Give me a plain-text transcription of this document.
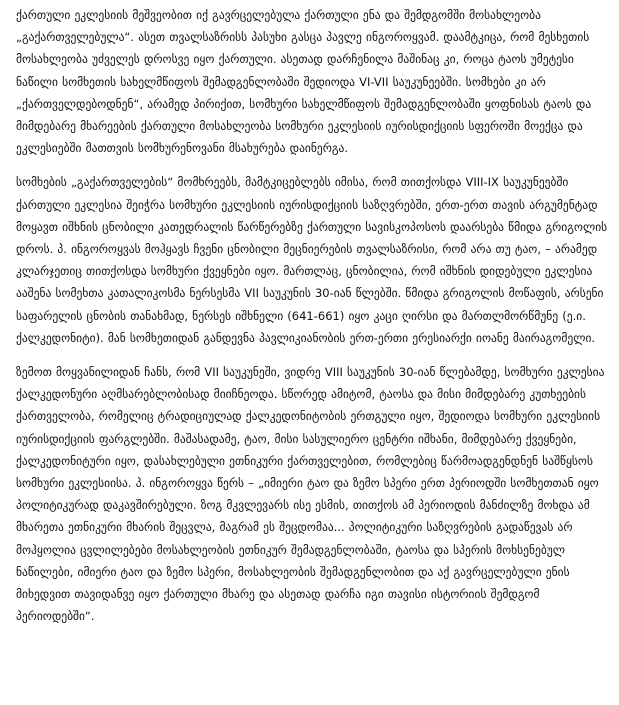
ქართული ეკლესიის მეშვეობით იქ გავრცელებულა ქართული ენა და შემდგომში მოსახლეობა „გაქართველებულა“. ასეთ თვალსაზრისს პასუხი გასცა პავლე ინგოროყვამ. დაამტკიცა, რომ მესხეთის მოსახლეობა უძველეს დროსვე იყო ქართული. ასეთად დარჩენილა მაშინაც კი, როცა ტაოს უმეტესი ნაწილი სომხეთის სახელმწიფოს შემადგენლობაში შედიოდა VI-VII საუკუნეებში. სომხები კი არ „ქართველდებოდნენ“, არამედ პირიქით, სომხური სახელმწიფოს შემადგენლობაში ყოფნისას ტაოს და მიმდებარე მხარეების ქართული მოსახლეობა სომხური ეკლესიის იურისდიქციის სფეროში მოექცა და ეკლესიებში მათთვის სომხურენოვანი მსახურება დაინერგა.

სომხების „გაქართველების“ მომხრეებს, მამტკიცებლებს იმისა, რომ თითქოსდა VIII-IX საუკუნეებში ქართული ეკლესია შეიჭრა სომხური ეკლესიის იურისდიქციის საზღვრებში, ერთ-ერთ თავის არგუმენტად მოყავთ იშხნის ცნობილი კათედრალის წარწერებზე ქართული სავისკოპოსოს დაარსება წმიდა გრიგოლის დროს. პ. ინგოროყვას მოჰყავს ჩვენი ცნობილი მეცნიერების თვალსაზრისი, რომ არა თუ ტაო, – არამედ კლარჯეთიც თითქოსდა სომხური ქვეყნები იყო. მართლაც, ცნობილია, რომ იშხნის დიდებული ეკლესია ააშენა სომეხთა კათალიკოსმა ნერსესმა VII საუკუნის 30-იან წლებში. წმიდა გრიგოლის მოწაფის, არსენი საფარელის ცნობის თანახმად, ნერსეს იშხნელი (641-661) იყო კაცი ღირსი და მართლმორწმუნე (ე.ი. ქალკედონიტი). მან სომხეთიდან განდევნა პავლიკიანობის ერთ-ერთი ერესიარქი იოანე მაირაგომელი.

ზემოთ მოყვანილიდან ჩანს, რომ VII საუკუნეში, ვიდრე VIII საუკუნის 30-იან წლებამდე, სომხური ეკლესია ქალკედონური აღმსარებლობისად მიიჩნეოდა. სწორედ ამიტომ, ტაოსა და მისი მიმდებარე კუთხეების ქართველობა, რომელიც ტრადიციულად ქალკედონიტობის ერთგული იყო, შედიოდა სომხური ეკლესიის იურისდიქციის ფარგლებში. მაშასადამე, ტაო, მისი სასულიერო ცენტრი იშხანი, მიმდებარე ქვეყნები, ქალკედონიტური იყო, დასახლებული ეთნიკური ქართველებით, რომლებიც წარმოადგენდნენ საშწყსოს სომხური ეკლესიისა. პ. ინგოროყვა წერს – „იმიერი ტაო და ზემო სპერი ერთ პერიოდში სომხეთთან იყო პოლიტიკურად დაკავშირებული. ზოგ მკვლევარს ისე ესმის, თითქოს ამ პერიოდის მანძილზე მოხდა ამ მხარეთა ეთნიკური მხარის შეცვლა, მაგრამ ეს შეცდომაა... პოლიტიკური საზღვრების გადაწევას არ მოჰყოლია ცვლილებები მოსახლეობის ეთნიკურ შემადგენლობაში, ტაოსა და სპერის მოხსენებულ ნაწილები, იმიერი ტაო და ზემო სპერი, მოსახლეობის შემადგენლობით და აქ გავრცელებული ენის მიხედვით თავიდანვე იყო ქართული მხარე და ასეთად დარჩა იგი თავისი ისტორიის შემდგომ პერიოდებში“.
